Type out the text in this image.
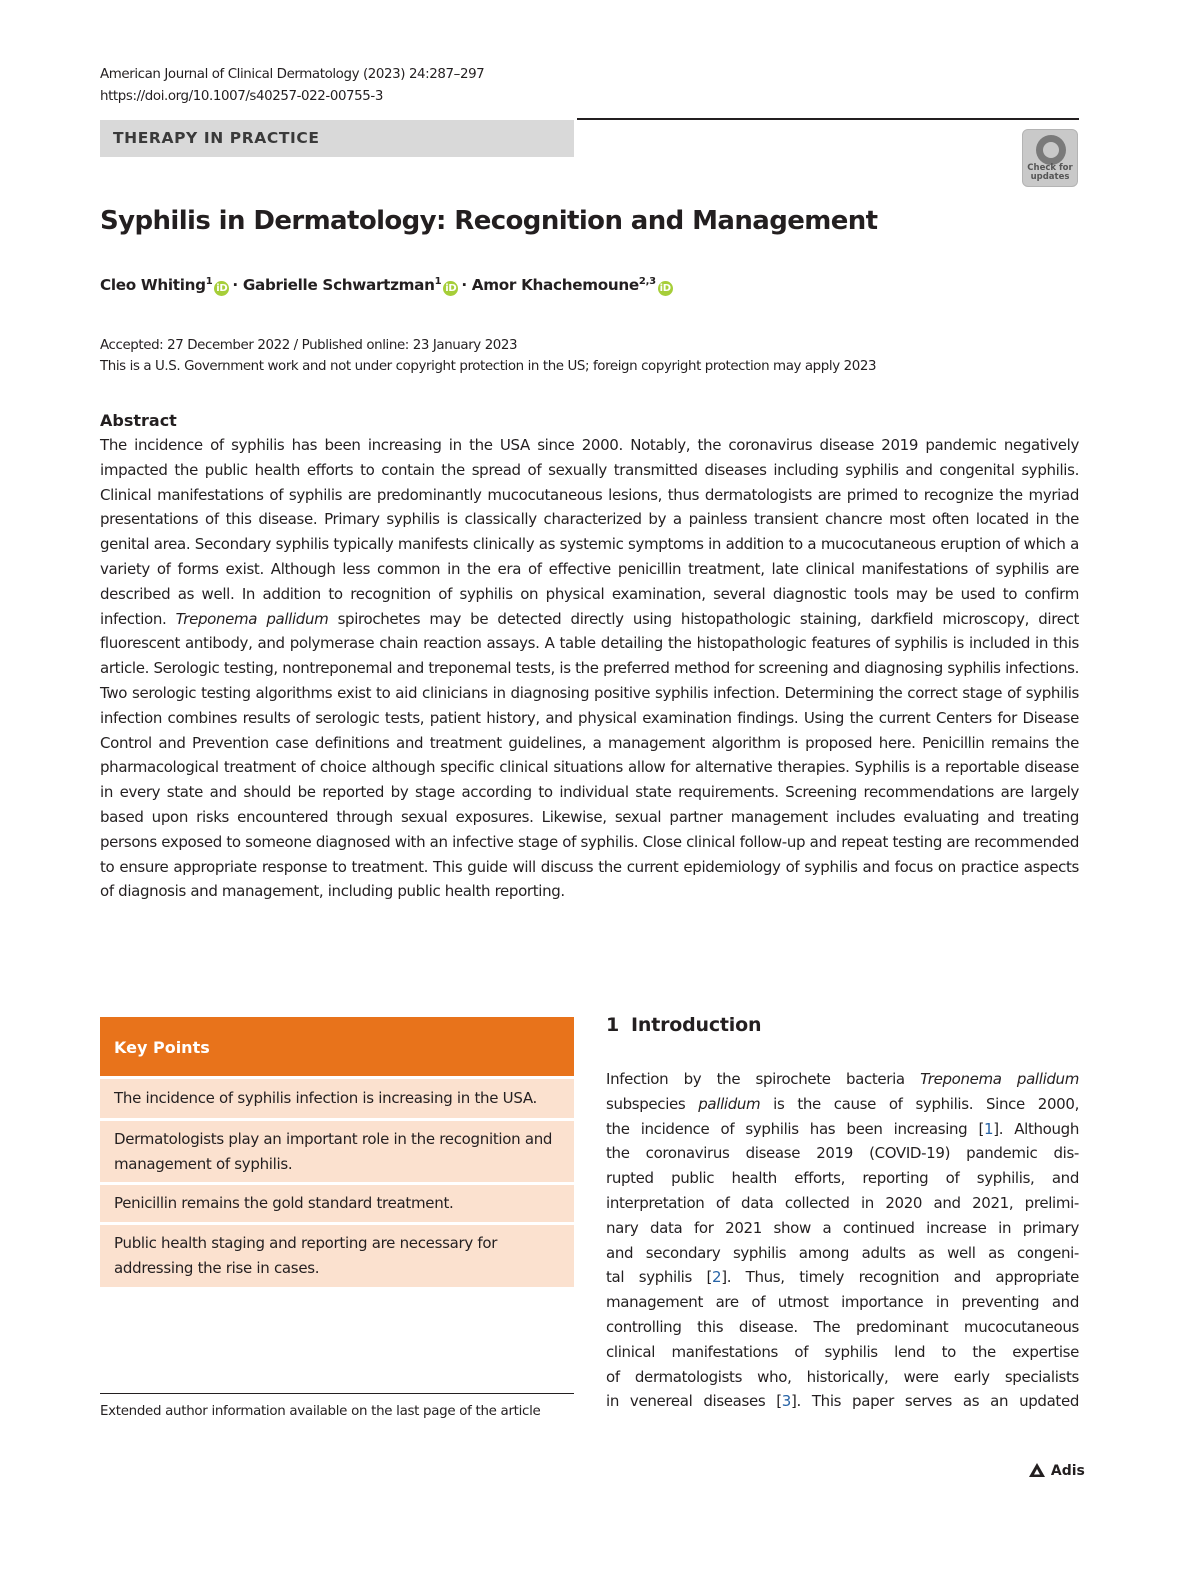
American Journal of Clinical Dermatology (2023) 24:287–297
https://doi.org/10.1007/s40257-022-00755-3
THERAPY IN PRACTICE
Check for updates
Syphilis in Dermatology: Recognition and Management
Cleo Whiting$^1$iD · Gabrielle Schwartzman$^1$iD · Amor Khachemoune$^{2,3}$iD
Accepted: 27 December 2022 / Published online: 23 January 2023
This is a U.S. Government work and not under copyright protection in the US; foreign copyright protection may apply 2023
Abstract
The incidence of syphilis has been increasing in the USA since 2000. Notably, the coronavirus disease 2019 pandemic negatively impacted the public health efforts to contain the spread of sexually transmitted diseases including syphilis and congenital syphilis. Clinical manifestations of syphilis are predominantly mucocutaneous lesions, thus dermatologists are primed to recognize the myriad presentations of this disease. Primary syphilis is classically characterized by a painless transient chancre most often located in the genital area. Secondary syphilis typically manifests clinically as systemic symptoms in addition to a mucocutaneous eruption of which a variety of forms exist. Although less common in the era of effective penicillin treatment, late clinical manifestations of syphilis are described as well. In addition to recognition of syphilis on physical examination, several diagnostic tools may be used to confirm infection. Treponema pallidum spirochetes may be detected directly using histopathologic staining, darkfield microscopy, direct fluorescent antibody, and polymerase chain reaction assays. A table detailing the histopathologic features of syphilis is included in this article. Serologic testing, nontreponemal and treponemal tests, is the preferred method for screening and diagnosing syphilis infections. Two serologic testing algorithms exist to aid clinicians in diagnosing positive syphilis infection. Determining the correct stage of syphilis infection combines results of serologic tests, patient history, and physical examination findings. Using the current Centers for Disease Control and Prevention case definitions and treatment guidelines, a management algorithm is proposed here. Penicillin remains the pharmacological treatment of choice although specific clinical situations allow for alternative therapies. Syphilis is a reportable disease in every state and should be reported by stage according to individual state requirements. Screening recommendations are largely based upon risks encountered through sexual exposures. Likewise, sexual partner management includes evaluating and treating persons exposed to someone diagnosed with an infective stage of syphilis. Close clinical follow-up and repeat testing are recommended to ensure appropriate response to treatment. This guide will discuss the current epidemiology of syphilis and focus on practice aspects of diagnosis and management, including public health reporting.
Key Points
The incidence of syphilis infection is increasing in the USA.
Dermatologists play an important role in the recognition and management of syphilis.
Penicillin remains the gold standard treatment.
Public health staging and reporting are necessary for addressing the rise in cases.
Extended author information available on the last page of the article
1 Introduction
Infection by the spirochete bacteria Treponema pallidum
subspecies pallidum is the cause of syphilis. Since 2000,
the incidence of syphilis has been increasing [1]. Although
the coronavirus disease 2019 (COVID-19) pandemic dis-
rupted public health efforts, reporting of syphilis, and
interpretation of data collected in 2020 and 2021, prelimi-
nary data for 2021 show a continued increase in primary
and secondary syphilis among adults as well as congeni-
tal syphilis [2]. Thus, timely recognition and appropriate
management are of utmost importance in preventing and
controlling this disease. The predominant mucocutaneous
clinical manifestations of syphilis lend to the expertise
of dermatologists who, historically, were early specialists
in venereal diseases [3]. This paper serves as an updated
Adis
